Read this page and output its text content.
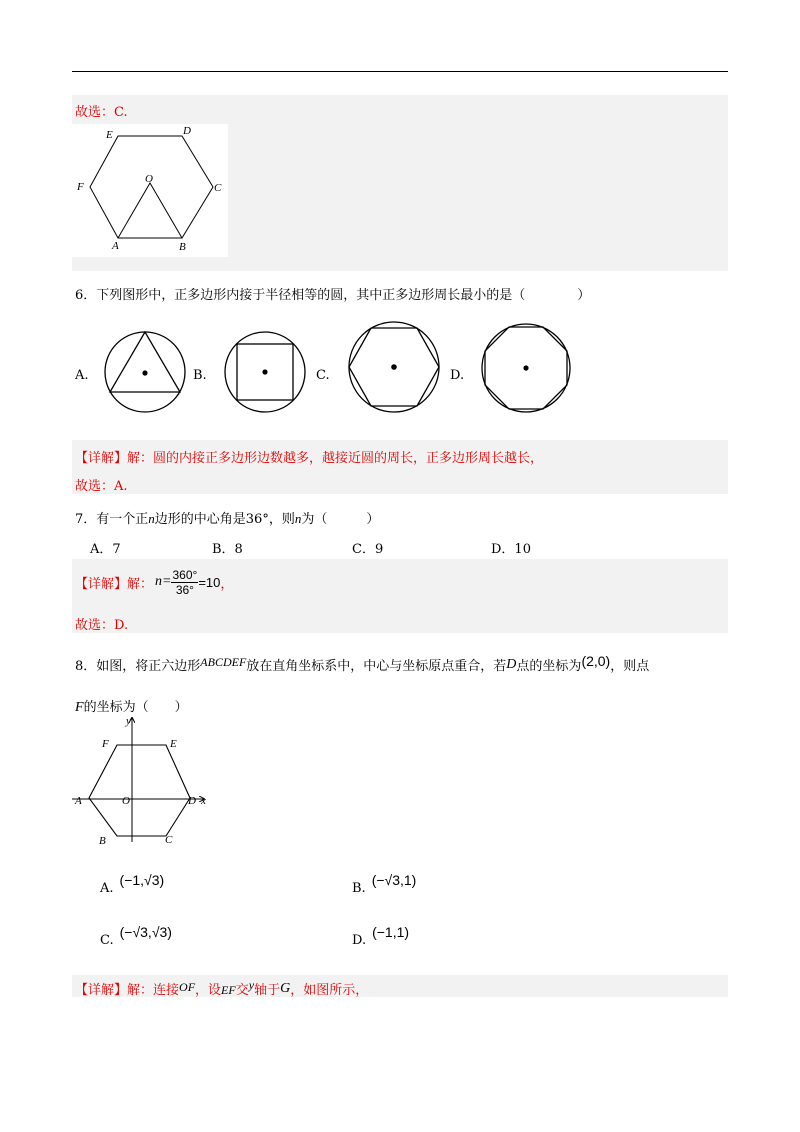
故选：C.
E	D
F
O
C
A	B
6．下列图形中，正多边形内接于半径相等的圆，其中正多边形周长最小的是（　　　　）
A.	B.	C.	D.
【详解】解：圆的内接正多边形边数越多，越接近圆的周长，正多边形周长越长，
故选：A.
7．有一个正n边形的中心角是36°，则n为（　　　）
A．7	B．8	C．9	D．10
【详解】 解： $n= \frac{360^\circ}{36^\circ} =10$ ，
故选：D.
8．如图，将正六边形ABCDEF放在直角坐标系中，中心与坐标原点重合，若D点的坐标为(2,0)，则点
F的坐标为（　　）
y
F	E
A	O	D x
B	C
A. (−1,√3)	B. (−√3,1)
C. (−√3,√3)	D. (−1,1)
【详解】解：连接OF，设EF交y轴于G，如图所示，
